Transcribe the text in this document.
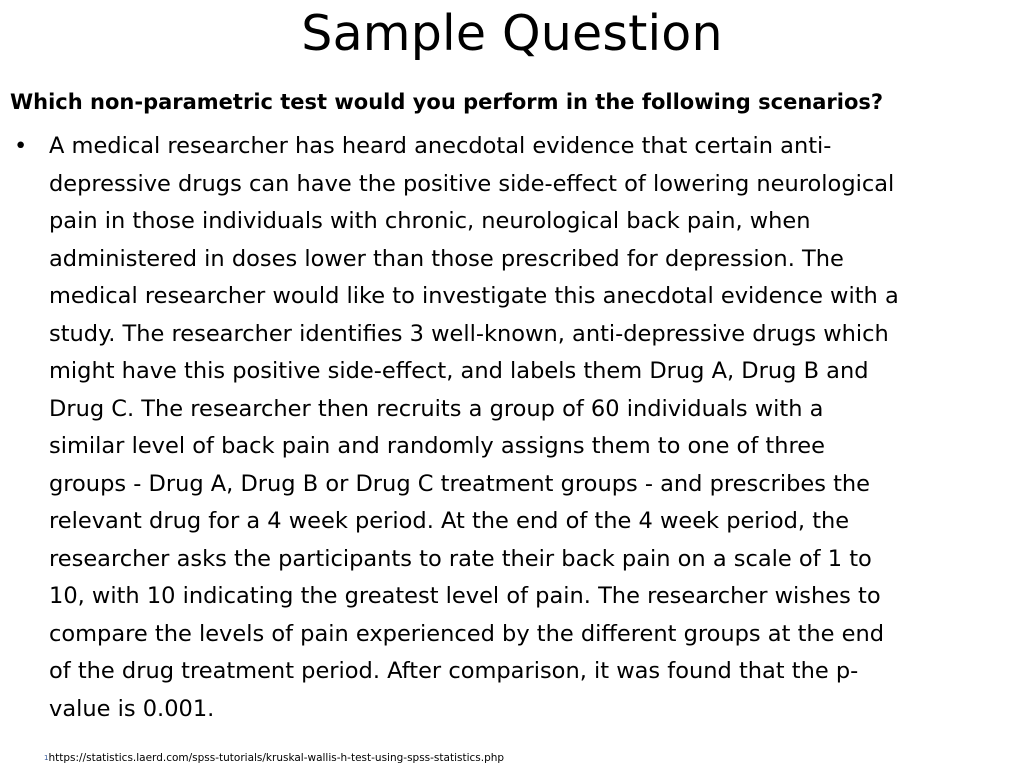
Sample Question
Which non-parametric test would you perform in the following scenarios?
• A medical researcher has heard anecdotal evidence that certain anti-
depressive drugs can have the positive side-effect of lowering neurological
pain in those individuals with chronic, neurological back pain, when
administered in doses lower than those prescribed for depression. The
medical researcher would like to investigate this anecdotal evidence with a
study. The researcher identifies 3 well-known, anti-depressive drugs which
might have this positive side-effect, and labels them Drug A, Drug B and
Drug C. The researcher then recruits a group of 60 individuals with a
similar level of back pain and randomly assigns them to one of three
groups - Drug A, Drug B or Drug C treatment groups - and prescribes the
relevant drug for a 4 week period. At the end of the 4 week period, the
researcher asks the participants to rate their back pain on a scale of 1 to
10, with 10 indicating the greatest level of pain. The researcher wishes to
compare the levels of pain experienced by the different groups at the end
of the drug treatment period. After comparison, it was found that the p-
value is 0.001.
$^1$https://statistics.laerd.com/spss-tutorials/kruskal-wallis-h-test-using-spss-statistics.php
